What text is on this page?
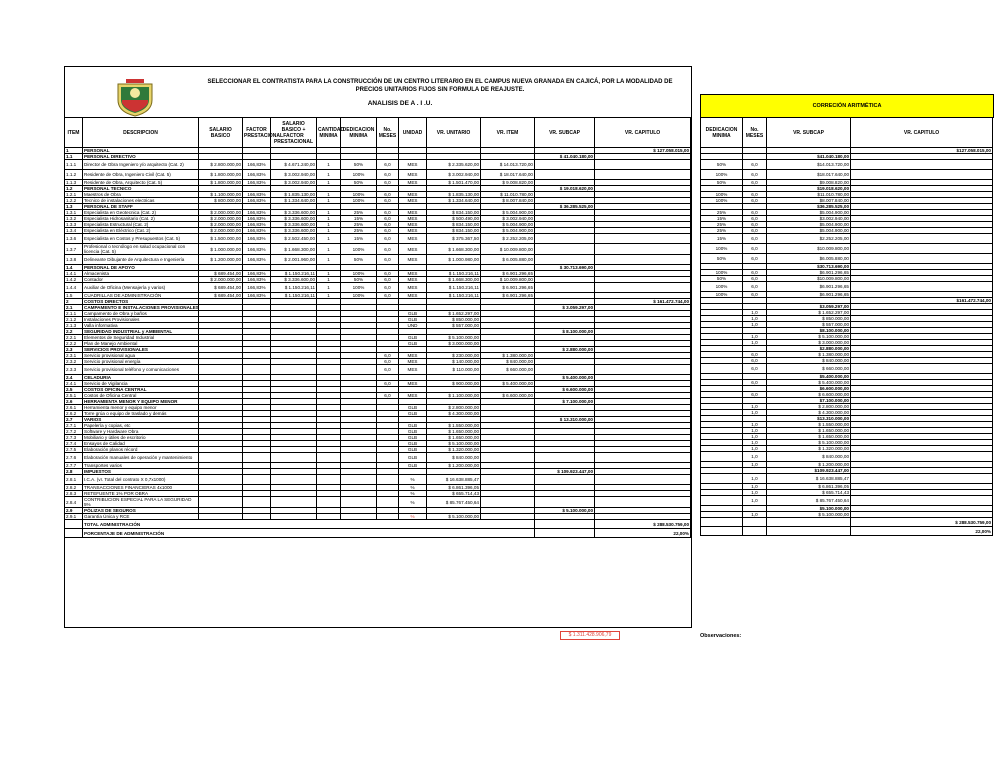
SELECCIONAR EL CONTRATISTA PARA LA CONSTRUCCIÓN DE UN CENTRO LITERARIO EN EL CAMPUS NUEVA GRANADA EN CAJICÁ, POR LA MODALIDAD DE PRECIOS UNITARIOS FIJOS SIN FORMULA DE REAJUSTE.
ANALISIS DE A . I .U.	CORRECIÓN ARITMÉTICA
ITEM	DESCRIPCION	SALARIO BASICO	FACTOR PRESTACIONAL	SALARIO BASICO + FACTOR PRESTACIONAL	CANTIDAD MINIMA	DEDICACION MINIMA	No. MESES	UNIDAD	VR. UNITARIO	VR. ITEM	VR. SUBCAP	VR. CAPITULO
1	PERSONAL											$ 127.058.015,00
1.1	PERSONAL DIRECTIVO										$ 41.040.180,00	
1.1.1	Director de Obra Ingeniero y/o arquitecto (Cat. 2)	$ 2.800.000,00	166,83%	$ 4.671.240,00	1	50%	6,0	MES	$ 2.335.620,00	$ 14.013.720,00		
1.1.2	Residente de Obra, Ingeniero Civil (Cat. 5)	$ 1.800.000,00	166,83%	$ 3.002.940,00	1	100%	6,0	MES	$ 3.002.940,00	$ 18.017.640,00		
1.1.3	Residente de Obra, Arquitecto (Cat. 5)	$ 1.800.000,00	166,83%	$ 3.002.940,00	1	50%	6,0	MES	$ 1.501.470,00	$ 9.008.820,00		
1.2	PERSONAL TECNICO										$ 19.018.620,00	
1.2.1	Maestros de Obra	$ 1.100.000,00	166,83%	$ 1.835.130,00	1	100%	6,0	MES	$ 1.835.130,00	$ 11.010.780,00		
1.2.2	Tecnico de instalaciones electricas	$ 800.000,00	166,83%	$ 1.334.640,00	1	100%	6,0	MES	$ 1.334.640,00	$ 8.007.840,00		
1.3	PERSONAL DE STAFF										$ 36.285.525,00	
1.3.1	Especialista en Geotecnica (Cat. 2)	$ 2.000.000,00	166,83%	$ 3.336.600,00	1	25%	6,0	MES	$ 834.150,00	$ 5.004.900,00		
1.3.2	Especialista Hidrosanitario (Cat. 2)	$ 2.000.000,00	166,83%	$ 3.336.600,00	1	15%	6,0	MES	$ 500.490,00	$ 3.002.940,00		
1.3.3	Especialista Estructural (Cat. 2)	$ 2.000.000,00	166,83%	$ 3.336.600,00	1	25%	6,0	MES	$ 834.150,00	$ 5.004.900,00		
1.3.4	Especialista en Eléctrico (Cat. 2)	$ 2.000.000,00	166,83%	$ 3.336.600,00	1	25%	6,0	MES	$ 834.150,00	$ 5.004.900,00		
1.3.6	Especialista en Costos y Presupuestos (Cat. 5)	$ 1.500.000,00	166,83%	$ 2.502.450,00	1	15%	6,0	MES	$ 375.367,50	$ 2.252.205,00		
1.3.7	Profesional o tecnólogo en salud ocupacional con licencia (Cat. 5)	$ 1.000.000,00	166,83%	$ 1.668.300,00	1	100%	6,0	MES	$ 1.668.300,00	$ 10.009.800,00		
1.3.8	Delineante Dibujante de Arquitectura e Ingeniería	$ 1.200.000,00	166,83%	$ 2.001.960,00	1	50%	6,0	MES	$ 1.000.980,00	$ 6.005.880,00		
1.4	PERSONAL DE APOYO										$ 30.713.690,00	
1.4.1	Almacenista	$ 689.454,00	166,83%	$ 1.150.216,11	1	100%	6,0	MES	$ 1.150.216,11	$ 6.901.296,65		
1.4.2	Contador	$ 2.000.000,00	166,83%	$ 3.336.600,00	1	50%	6,0	MES	$ 1.668.300,00	$ 10.009.800,00		
1.4.4	Auxiliar de Oficina (Mensajería y varios)	$ 689.454,00	166,83%	$ 1.150.216,11	1	100%	6,0	MES	$ 1.150.216,11	$ 6.901.296,65		
1.5	CUADRILLAS DE ADMINISTRACIÓN	$ 689.454,00	166,83%	$ 1.150.216,11	1	100%	6,0	MES	$ 1.150.216,11	$ 6.901.296,65		
2	COSTOS DIRECTOS											$ 161.472.744,00
2.1	CAMPAMENTO E INSTALACIONES PROVISIONALES										$ 3.059.297,00	
2.1.1	Campamento de Obra y baños							GLB	$ 1.652.297,00			
2.1.2	Instalaciones Provisionales							GLB	$ 850.000,00			
2.1.3	Valla informativa							UND	$ 557.000,00			
2.2	SEGURIDAD INDUSTRIAL y AMBIENTAL										$ 8.100.000,00	
2.2.1	Elementos de Seguridad Industrial							GLB	$ 5.100.000,00			
2.2.2	Plan de Manejo Ambiental							GLB	$ 3.000.000,00			
2.3	SERVICIOS PROVISIONALES										$ 2.880.000,00	
2.3.1	Servicio provisional agua						6,0	MES	$ 230.000,00	$ 1.380.000,00		
2.3.2	Servicio provisional energía						6,0	MES	$ 140.000,00	$ 840.000,00		
2.3.3	Servicio provisional teléfono y comunicaciones						6,0	MES	$ 110.000,00	$ 660.000,00		
2.4	CELADURIA										$ 5.400.000,00	
2.4.1	Servicio de Vigilancia						6,0	MES	$ 900.000,00	$ 5.400.000,00		
2.5	COSTOS OFICINA CENTRAL										$ 6.600.000,00	
2.5.1	Costos de Oficina Central						6,0	MES	$ 1.100.000,00	$ 6.600.000,00		
2.6	HERRAMIENTA MENOR Y EQUIPO MENOR										$ 7.100.000,00	
2.6.1	Herramienta menor y equipo menor							GLB	$ 2.800.000,00			
2.6.2	Torre grúa o equipo de traslado y demás							GLB	$ 4.300.000,00			
2.7	VARIOS										$ 13.310.000,00	
2.7.1	Papelería y copias, etc							GLB	$ 1.550.000,00			
2.7.2	Software y Hardware Obra							GLB	$ 1.650.000,00			
2.7.3	Mobiliario y útiles de escritorio							GLB	$ 1.650.000,00			
2.7.4	Ensayos de Calidad							GLB	$ 5.100.000,00			
2.7.5	Elaboración planos récord							GLB	$ 1.320.000,00			
2.7.6	Elaboración manuales de operación y mantenimiento							GLB	$ 840.000,00			
2.7.7	Transportes varios							GLB	$ 1.200.000,00			
2.8	IMPUESTOS										$ 109.923.447,00	
2.8.1	I.C.A. (vr. Total del contrato X 0,7x1000)							%	$ 16.638.885,47			
2.8.2	TRANSACCIONES FINANCIERAS 4x1000							%	$ 6.861.396,05			
2.8.3	RETEFUENTE 1% POR OBRA							%	$ 655.714,43			
2.8.4	CONTRIBUCION ESPECIAL PARA LA SEGURIDAD 5%							%	$ 85.767.450,64			
2.9	PÓLIZAS DE SEGUROS										$ 5.100.000,00	
2.9.1	Garantía Única y RCE							%	$ 5.100.000,00			
	TOTAL ADMINISTRACIÓN											$ 288.530.759,00
	PORCENTAJE DE ADMINISTRACIÓN											22,00%
DEDICACION MINIMA	No. MESES	VR. SUBCAP	VR. CAPITULO
			$127.058.015,00
		$41.040.180,00	
50%	6,0	$14.013.720,00	
100%	6,0	$18.017.640,00	
50%	6,0	$9.008.820,00	
		$19.018.620,00	
100%	6,0	$11.010.780,00	
100%	6,0	$8.007.840,00	
		$36.285.525,00	
25%	6,0	$5.004.900,00	
15%	6,0	$3.002.940,00	
25%	6,0	$5.004.900,00	
25%	6,0	$5.004.900,00	
15%	6,0	$2.252.205,00	
100%	6,0	$10.009.800,00	
50%	6,0	$6.005.880,00	
		$30.713.690,00	
100%	6,0	$6.901.296,65	
50%	6,0	$10.009.800,00	
100%	6,0	$6.901.296,65	
100%	6,0	$6.901.296,65	
			$161.472.744,00
		$3.059.297,00	
	1,0	$ 1.652.297,00	
	1,0	$ 850.000,00	
	1,0	$ 557.000,00	
		$8.100.000,00	
	1,0	$ 5.100.000,00	
	1,0	$ 3.000.000,00	
		$2.880.000,00	
	6,0	$ 1.380.000,00	
	6,0	$ 840.000,00	
	6,0	$ 660.000,00	
		$5.400.000,00	
	6,0	$ 5.400.000,00	
		$6.600.000,00	
	6,0	$ 6.600.000,00	
		$7.100.000,00	
	1,0	$ 2.800.000,00	
	1,0	$ 4.300.000,00	
		$13.310.000,00	
	1,0	$ 1.550.000,00	
	1,0	$ 1.650.000,00	
	1,0	$ 1.650.000,00	
	1,0	$ 5.100.000,00	
	1,0	$ 1.320.000,00	
	1,0	$ 840.000,00	
	1,0	$ 1.200.000,00	
		$109.923.447,00	
	1,0	$ 16.638.885,47	
	1,0	$ 6.861.396,05	
	1,0	$ 655.714,43	
	1,0	$ 85.767.450,64	
		$5.100.000,00	
	1,0	$ 5.100.000,00	
			$ 288.530.759,00
			22,00%
$ 1.311.428.906,79	Observaciones:
